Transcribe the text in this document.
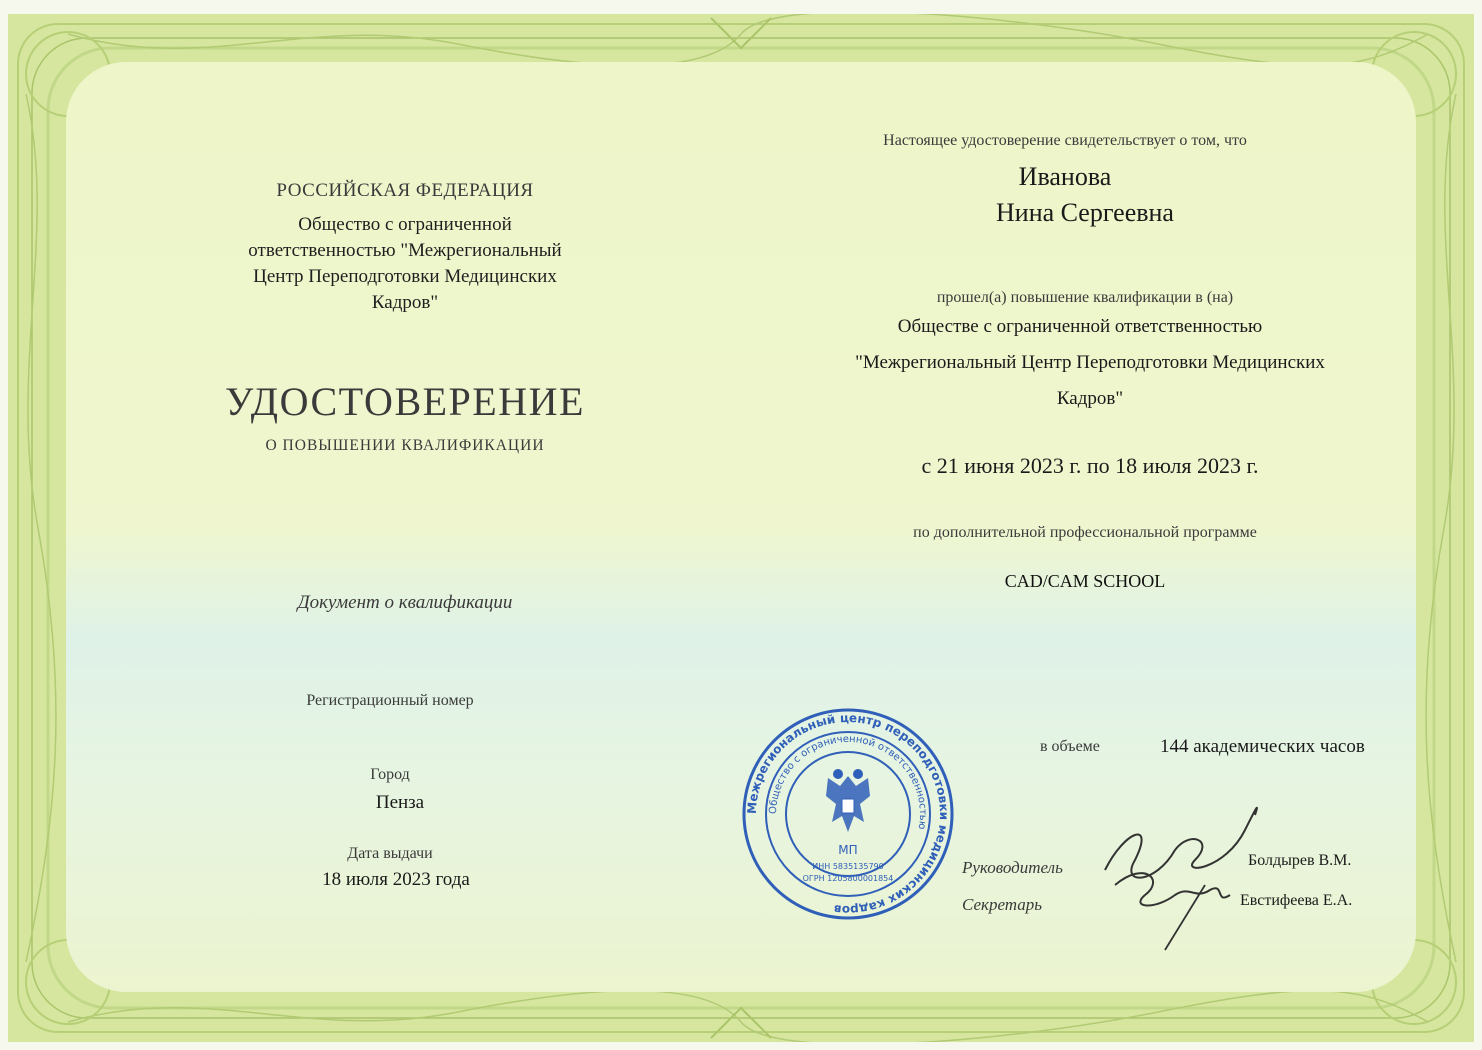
РОССИЙСКАЯ ФЕДЕРАЦИЯ
Общество с ограниченной
ответственностью "Межрегиональный
Центр Переподготовки Медицинских
Кадров"
УДОСТОВЕРЕНИЕ
О ПОВЫШЕНИИ КВАЛИФИКАЦИИ
Документ о квалификации
Регистрационный номер
Город
Пенза
Дата выдачи
18 июля 2023 года
Настоящее удостоверение свидетельствует о том, что
Иванова
Нина Сергеевна
прошел(а) повышение квалификации в (на)
Обществе с ограниченной ответственностью
"Межрегиональный Центр Переподготовки Медицинских
Кадров"
с 21 июня 2023 г. по 18 июля 2023 г.
по дополнительной профессиональной программе
CAD/CAM SCHOOL
в объеме	144 академических часов
Руководитель	Болдырев В.М.
Секретарь	Евстифеева Е.А.
Межрегиональный центр переподготовки медицинских кадров
Общество с ограниченной ответственностью
МП
ИНН 5835135790
ОГРН 1205800001854
